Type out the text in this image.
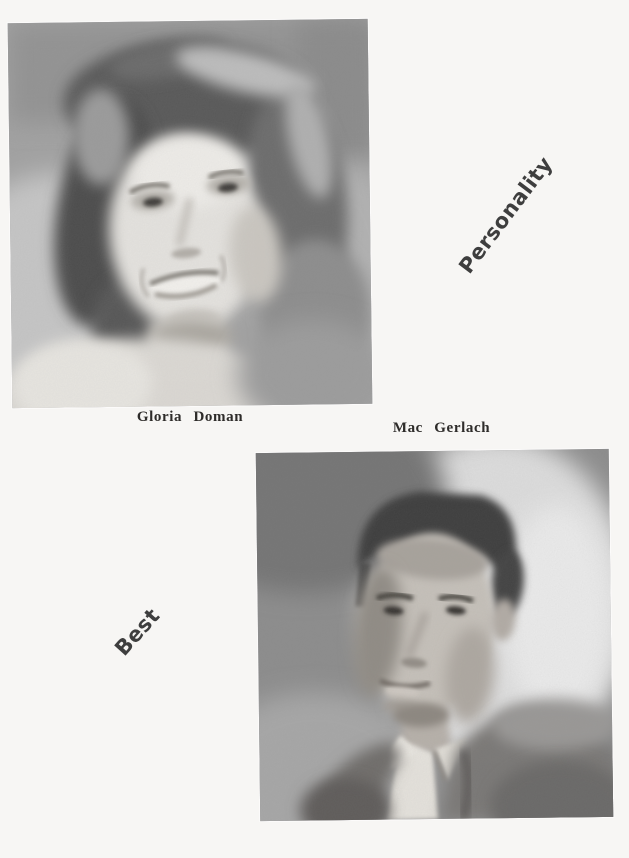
Gloria Doman
Mac Gerlach
Personality
Best
